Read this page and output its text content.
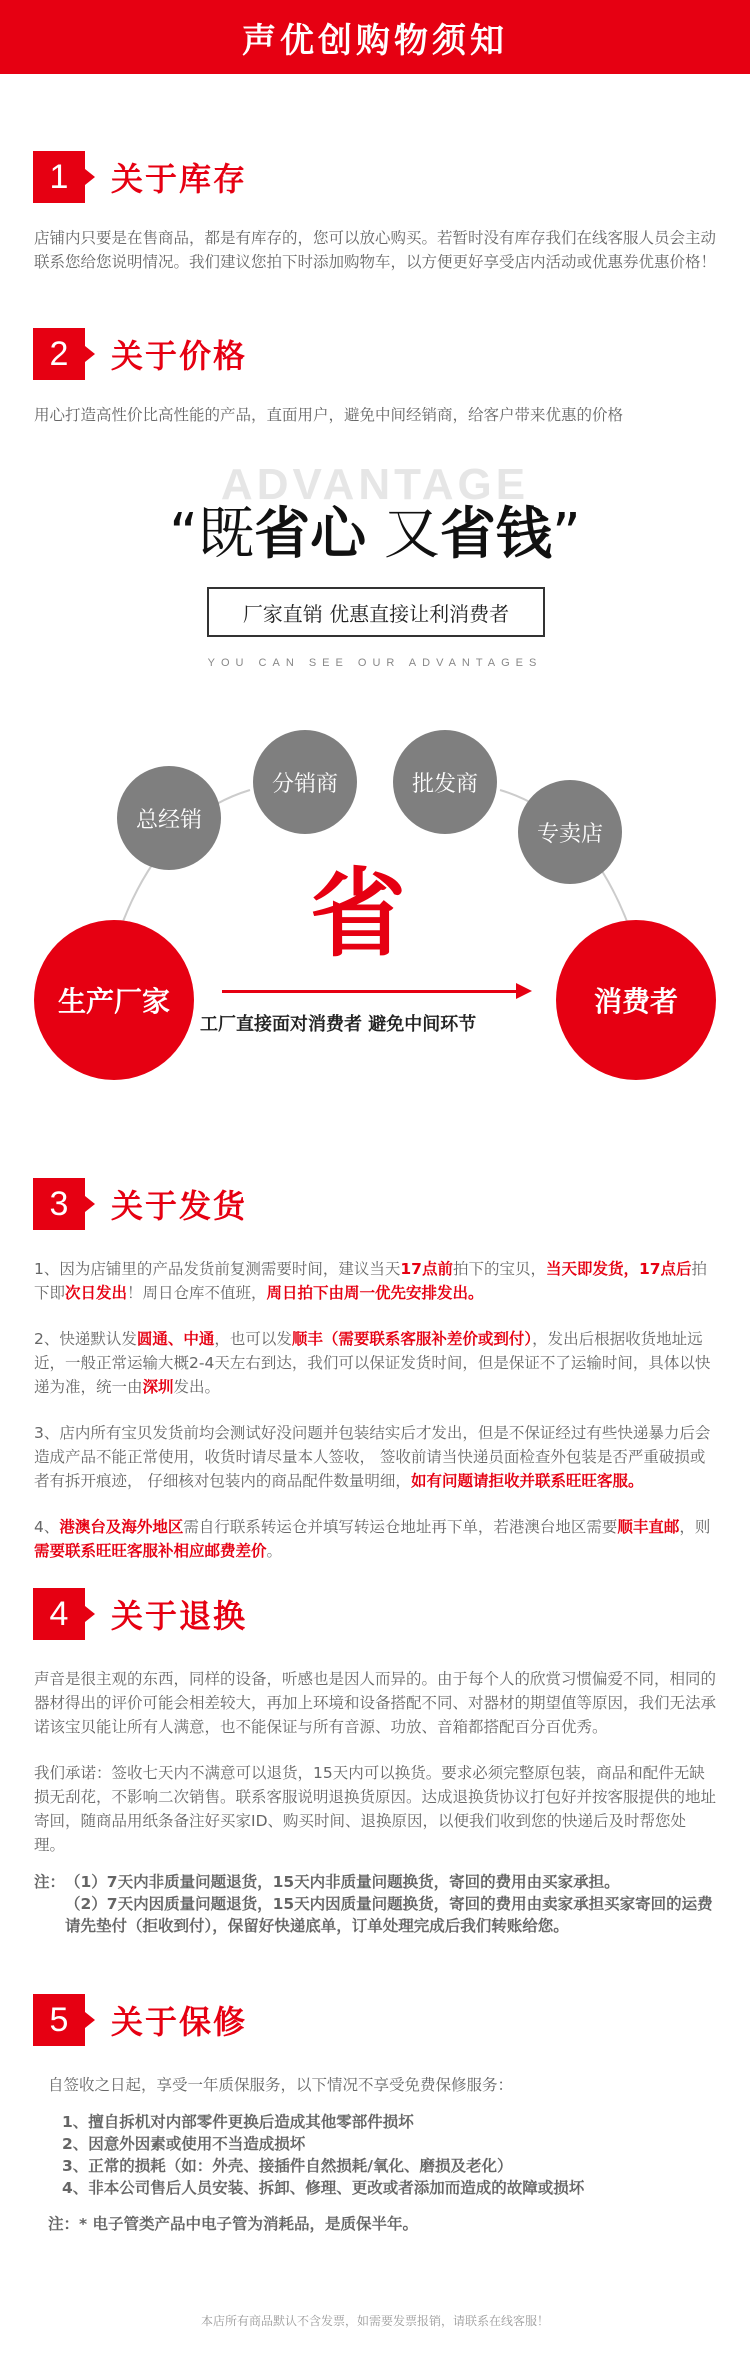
声优创购物须知
1	关于库存
店铺内只要是在售商品，都是有库存的，您可以放心购买。若暂时没有库存我们在线客服人员会主动联系您给您说明情况。我们建议您拍下时添加购物车，以方便更好享受店内活动或优惠券优惠价格！
2	关于价格
用心打造高性价比高性能的产品，直面用户，避免中间经销商，给客户带来优惠的价格
ADVANTAGE
“既省心 又省钱”
厂家直销 优惠直接让利消费者
YOU CAN SEE OUR ADVANTAGES
总经销
分销商	批发商
专卖店
省
生产厂家	消费者
工厂直接面对消费者 避免中间环节
3	关于发货
1、因为店铺里的产品发货前复测需要时间，建议当天17点前拍下的宝贝，当天即发货，17点后拍下即次日发出！周日仓库不值班，周日拍下由周一优先安排发出。
2、快递默认发圆通、中通，也可以发顺丰（需要联系客服补差价或到付），发出后根据收货地址远近，一般正常运输大概2-4天左右到达，我们可以保证发货时间，但是保证不了运输时间，具体以快递为准，统一由深圳发出。
3、店内所有宝贝发货前均会测试好没问题并包装结实后才发出，但是不保证经过有些快递暴力后会造成产品不能正常使用，收货时请尽量本人签收， 签收前请当快递员面检查外包装是否严重破损或者有拆开痕迹， 仔细核对包装内的商品配件数量明细，如有问题请拒收并联系旺旺客服。
4、港澳台及海外地区需自行联系转运仓并填写转运仓地址再下单，若港澳台地区需要顺丰直邮，则需要联系旺旺客服补相应邮费差价。
4	关于退换
声音是很主观的东西，同样的设备，听感也是因人而异的。由于每个人的欣赏习惯偏爱不同，相同的器材得出的评价可能会相差较大，再加上环境和设备搭配不同、对器材的期望值等原因，我们无法承诺该宝贝能让所有人满意，也不能保证与所有音源、功放、音箱都搭配百分百优秀。
我们承诺：签收七天内不满意可以退货，15天内可以换货。要求必须完整原包装，商品和配件无缺损无刮花，不影响二次销售。联系客服说明退换货原因。达成退换货协议打包好并按客服提供的地址寄回，随商品用纸条备注好买家ID、购买时间、退换原因，以便我们收到您的快递后及时帮您处理。
注： （1）7天内非质量问题退货，15天内非质量问题换货，寄回的费用由买家承担。
（2）7天内因质量问题退货，15天内因质量问题换货，寄回的费用由卖家承担买家寄回的运费请先垫付（拒收到付），保留好快递底单，订单处理完成后我们转账给您。
5	关于保修
自签收之日起，享受一年质保服务，以下情况不享受免费保修服务：
1、擅自拆机对内部零件更换后造成其他零部件损坏
2、因意外因素或使用不当造成损坏
3、正常的损耗（如：外壳、接插件自然损耗/氧化、磨损及老化）
4、非本公司售后人员安装、拆卸、修理、更改或者添加而造成的故障或损坏
注：* 电子管类产品中电子管为消耗品，是质保半年。
本店所有商品默认不含发票，如需要发票报销，请联系在线客服！
